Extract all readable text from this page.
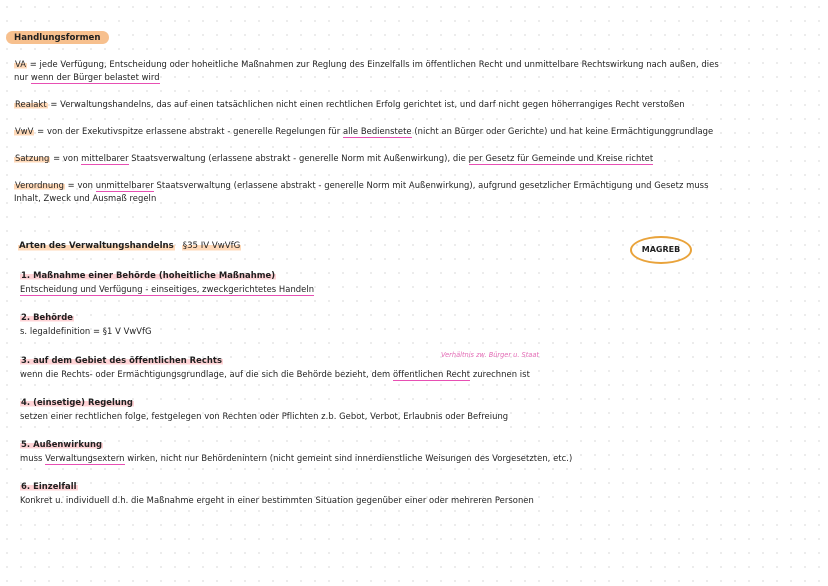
Handlungsformen
VA = jede Verfügung, Entscheidung oder hoheitliche Maßnahmen zur Reglung des Einzelfalls im öffentlichen Recht und unmittelbare Rechtswirkung nach außen, dies
nur wenn der Bürger belastet wird
Realakt = Verwaltungshandelns, das auf einen tatsächlichen nicht einen rechtlichen Erfolg gerichtet ist, und darf nicht gegen höherrangiges Recht verstoßen
VwV = von der Exekutivspitze erlassene abstrakt - generelle Regelungen für alle Bedienstete (nicht an Bürger oder Gerichte) und hat keine Ermächtigunggrundlage
Satzung = von mittelbarer Staatsverwaltung (erlassene abstrakt - generelle Norm mit Außenwirkung), die per Gesetz für Gemeinde und Kreise richtet
Verordnung = von unmittelbarer Staatsverwaltung (erlassene abstrakt - generelle Norm mit Außenwirkung), aufgrund gesetzlicher Ermächtigung und Gesetz muss
Inhalt, Zweck und Ausmaß regeln
Arten des Verwaltungshandelns §35 IV VwVfG	MAGREB
1. Maßnahme einer Behörde (hoheitliche Maßnahme)
Entscheidung und Verfügung - einseitiges, zweckgerichtetes Handeln
2. Behörde
s. legaldefinition = §1 V VwVfG
Verhältnis zw. Bürger u. Staat
3. auf dem Gebiet des öffentlichen Rechts
wenn die Rechts- oder Ermächtigungsgrundlage, auf die sich die Behörde bezieht, dem öffentlichen Recht zurechnen ist
4. (einsetige) Regelung
setzen einer rechtlichen folge, festgelegen von Rechten oder Pflichten z.b. Gebot, Verbot, Erlaubnis oder Befreiung
5. Außenwirkung
muss Verwaltungsextern wirken, nicht nur Behördenintern (nicht gemeint sind innerdienstliche Weisungen des Vorgesetzten, etc.)
6. Einzelfall
Konkret u. individuell d.h. die Maßnahme ergeht in einer bestimmten Situation gegenüber einer oder mehreren Personen
